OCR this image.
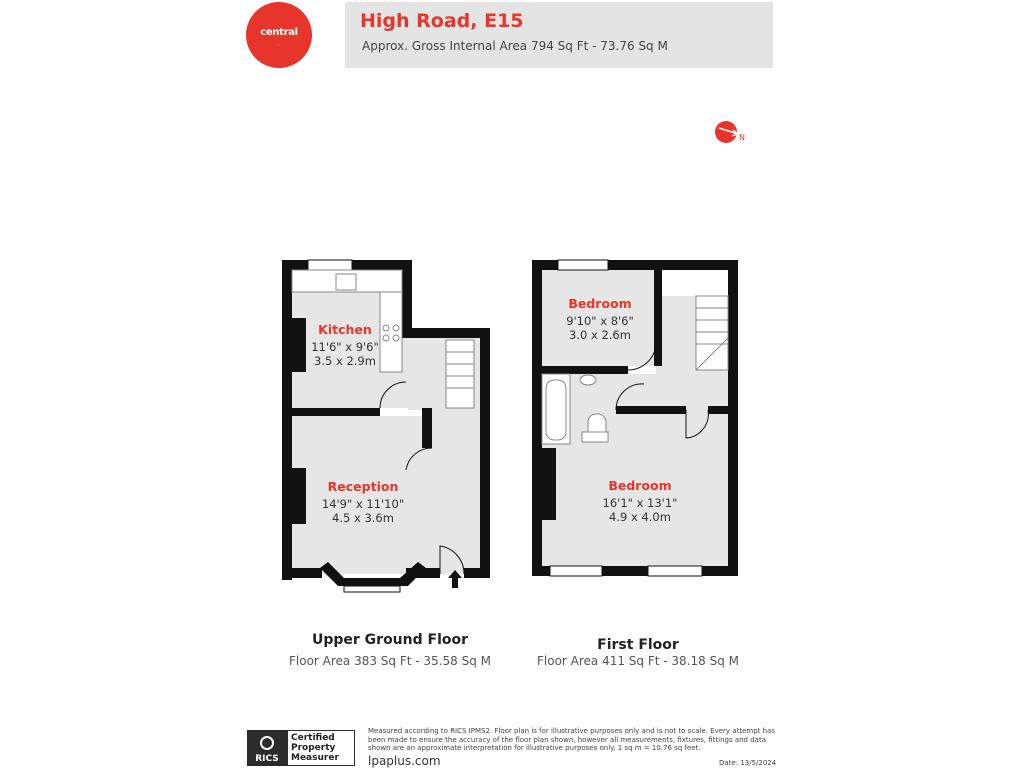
central
_
High Road, E15
Approx. Gross Internal Area 794 Sq Ft - 73.76 Sq M
N
Kitchen
11'6" x 9'6"
3.5 x 2.9m
Reception
14'9" x 11'10"
4.5 x 3.6m
Bedroom
9'10" x 8'6"
3.0 x 2.6m
Bedroom
16'1" x 13'1"
4.9 x 4.0m
Upper Ground Floor
Floor Area 383 Sq Ft - 35.58 Sq M
First Floor
Floor Area 411 Sq Ft - 38.18 Sq M
RICS
Certified
Property
Measurer
Measured according to RICS IPMS2. Floor plan is for illustrative purposes only and is not to scale. Every attempt has been made to ensure the accuracy of the floor plan shown, however all measurements, fixtures, fittings and data shown are an approximate interpretation for illustrative purposes only. 1 sq m = 10.76 sq feet.
lpaplus.com	Date: 13/5/2024
